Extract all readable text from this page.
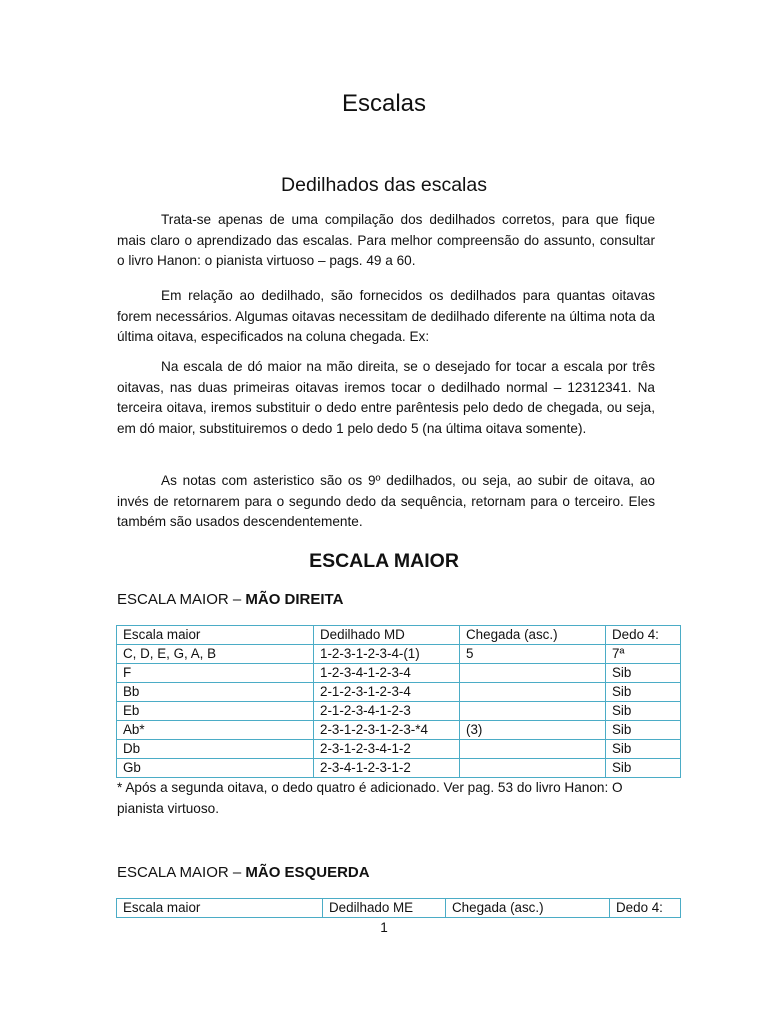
Escalas
Dedilhados das escalas

Trata-se apenas de uma compilação dos dedilhados corretos, para que fique mais claro o aprendizado das escalas. Para melhor compreensão do assunto, consultar o livro Hanon: o pianista virtuoso – pags. 49 a 60.

Em relação ao dedilhado, são fornecidos os dedilhados para quantas oitavas forem necessários. Algumas oitavas necessitam de dedilhado diferente na última nota da última oitava, especificados na coluna chegada. Ex:

Na escala de dó maior na mão direita, se o desejado for tocar a escala por três oitavas, nas duas primeiras oitavas iremos tocar o dedilhado normal – 12312341. Na terceira oitava, iremos substituir o dedo entre parêntesis pelo dedo de chegada, ou seja, em dó maior, substituiremos o dedo 1 pelo dedo 5 (na última oitava somente).

As notas com asteristico são os 9º dedilhados, ou seja, ao subir de oitava, ao invés de retornarem para o segundo dedo da sequência, retornam para o terceiro. Eles também são usados descendentemente.

ESCALA MAIOR

ESCALA MAIOR – MÃO DIREITA

Escala maior	Dedilhado MD	Chegada (asc.)	Dedo 4:
C, D, E, G, A, B	1-2-3-1-2-3-4-(1)	5	7ª
F	1-2-3-4-1-2-3-4		Sib
Bb	2-1-2-3-1-2-3-4		Sib
Eb	2-1-2-3-4-1-2-3		Sib
Ab*	2-3-1-2-3-1-2-3-*4	(3)	Sib
Db	2-3-1-2-3-4-1-2		Sib
Gb	2-3-4-1-2-3-1-2		Sib

* Após a segunda oitava, o dedo quatro é adicionado. Ver pag. 53 do livro Hanon: O pianista virtuoso.

ESCALA MAIOR – MÃO ESQUERDA

Escala maior	Dedilhado ME	Chegada (asc.)	Dedo 4:
1
